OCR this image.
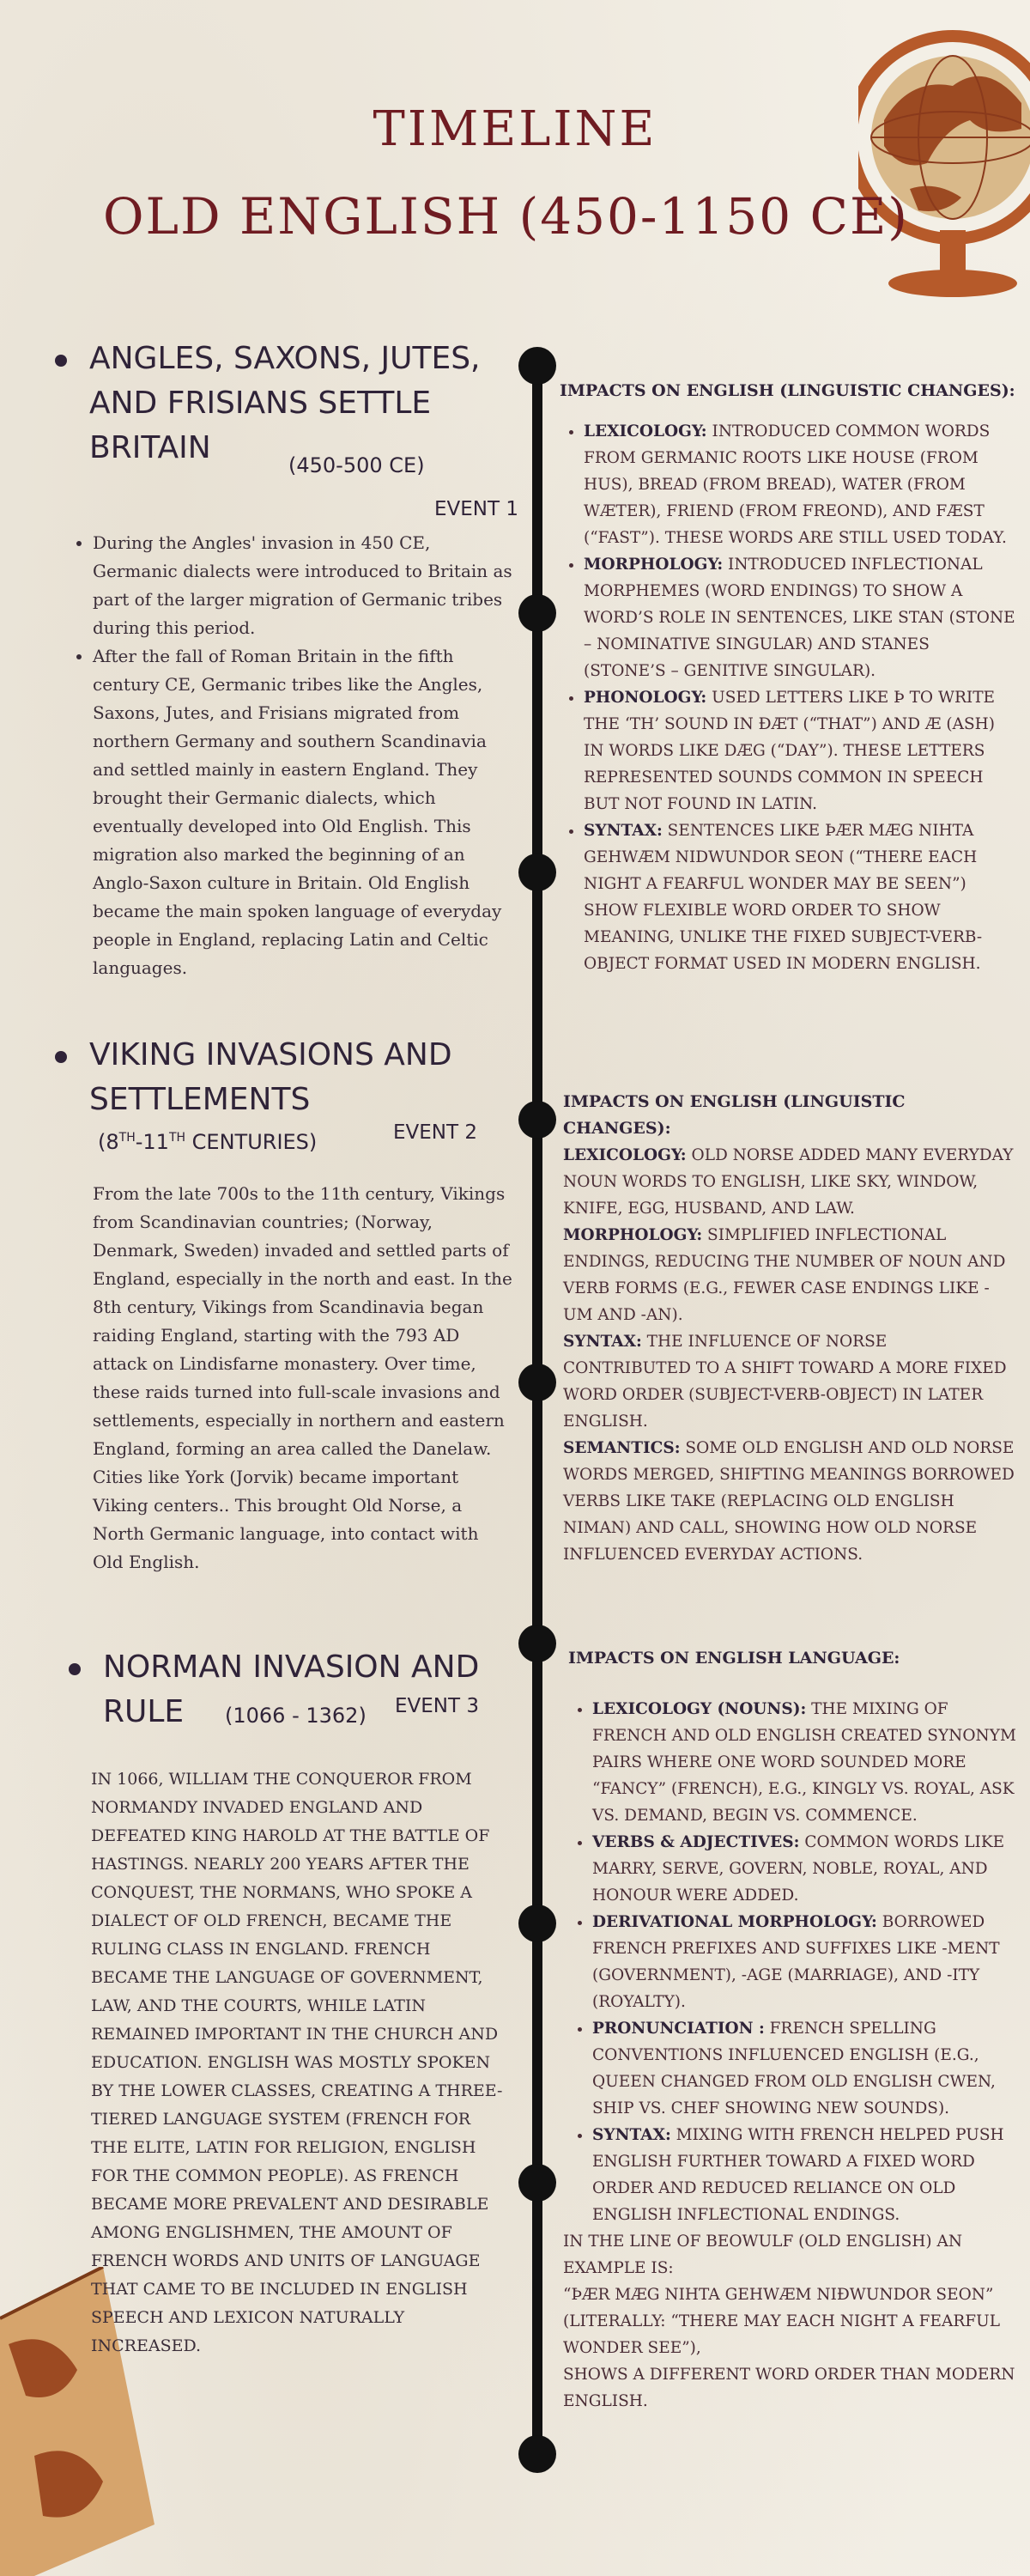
TIMELINE
OLD ENGLISH (450-1150 CE)
ANGLES, SAXONS, JUTES,
AND FRISIANS SETTLE
BRITAIN	(450-500 CE)
EVENT 1
• During the Angles' invasion in 450 CE, Germanic dialects were introduced to Britain as part of the larger migration of Germanic tribes during this period.
• After the fall of Roman Britain in the fifth century CE, Germanic tribes like the Angles, Saxons, Jutes, and Frisians migrated from northern Germany and southern Scandinavia and settled mainly in eastern England. They brought their Germanic dialects, which eventually developed into Old English. This migration also marked the beginning of an Anglo-Saxon culture in Britain. Old English became the main spoken language of everyday people in England, replacing Latin and Celtic languages.
IMPACTS ON ENGLISH (LINGUISTIC CHANGES):
• LEXICOLOGY: INTRODUCED COMMON WORDS FROM GERMANIC ROOTS LIKE HOUSE (FROM HUS), BREAD (FROM BREAD), WATER (FROM WÆTER), FRIEND (FROM FREOND), AND FÆST (“FAST”). THESE WORDS ARE STILL USED TODAY.
• MORPHOLOGY: INTRODUCED INFLECTIONAL MORPHEMES (WORD ENDINGS) TO SHOW A WORD’S ROLE IN SENTENCES, LIKE STAN (STONE – NOMINATIVE SINGULAR) AND STANES (STONE’S – GENITIVE SINGULAR).
• PHONOLOGY: USED LETTERS LIKE Þ TO WRITE THE ‘TH’ SOUND IN ÐÆT (“THAT”) AND Æ (ASH) IN WORDS LIKE DÆG (“DAY”). THESE LETTERS REPRESENTED SOUNDS COMMON IN SPEECH BUT NOT FOUND IN LATIN.
• SYNTAX: SENTENCES LIKE ÞÆR MÆG NIHTA GEHWÆM NIDWUNDOR SEON (“THERE EACH NIGHT A FEARFUL WONDER MAY BE SEEN”) SHOW FLEXIBLE WORD ORDER TO SHOW MEANING, UNLIKE THE FIXED SUBJECT-VERB-OBJECT FORMAT USED IN MODERN ENGLISH.
VIKING INVASIONS AND
SETTLEMENTS
(8TH-11TH CENTURIES)	EVENT 2
From the late 700s to the 11th century, Vikings from Scandinavian countries; (Norway, Denmark, Sweden) invaded and settled parts of England, especially in the north and east. In the 8th century, Vikings from Scandinavia began raiding England, starting with the 793 AD attack on Lindisfarne monastery. Over time, these raids turned into full-scale invasions and settlements, especially in northern and eastern England, forming an area called the Danelaw. Cities like York (Jorvik) became important Viking centers.. This brought Old Norse, a North Germanic language, into contact with Old English.
IMPACTS ON ENGLISH (LINGUISTIC CHANGES):
LEXICOLOGY: OLD NORSE ADDED MANY EVERYDAY NOUN WORDS TO ENGLISH, LIKE SKY, WINDOW, KNIFE, EGG, HUSBAND, AND LAW.
MORPHOLOGY: SIMPLIFIED INFLECTIONAL ENDINGS, REDUCING THE NUMBER OF NOUN AND VERB FORMS (E.G., FEWER CASE ENDINGS LIKE -UM AND -AN).
SYNTAX: THE INFLUENCE OF NORSE CONTRIBUTED TO A SHIFT TOWARD A MORE FIXED WORD ORDER (SUBJECT-VERB-OBJECT) IN LATER ENGLISH.
SEMANTICS: SOME OLD ENGLISH AND OLD NORSE WORDS MERGED, SHIFTING MEANINGS BORROWED VERBS LIKE TAKE (REPLACING OLD ENGLISH NIMAN) AND CALL, SHOWING HOW OLD NORSE INFLUENCED EVERYDAY ACTIONS.
NORMAN INVASION AND
RULE	(1066 - 1362) EVENT 3
IN 1066, WILLIAM THE CONQUEROR FROM NORMANDY INVADED ENGLAND AND DEFEATED KING HAROLD AT THE BATTLE OF HASTINGS. NEARLY 200 YEARS AFTER THE CONQUEST, THE NORMANS, WHO SPOKE A DIALECT OF OLD FRENCH, BECAME THE RULING CLASS IN ENGLAND. FRENCH BECAME THE LANGUAGE OF GOVERNMENT, LAW, AND THE COURTS, WHILE LATIN REMAINED IMPORTANT IN THE CHURCH AND EDUCATION. ENGLISH WAS MOSTLY SPOKEN BY THE LOWER CLASSES, CREATING A THREE-TIERED LANGUAGE SYSTEM (FRENCH FOR THE ELITE, LATIN FOR RELIGION, ENGLISH FOR THE COMMON PEOPLE). AS FRENCH BECAME MORE PREVALENT AND DESIRABLE AMONG ENGLISHMEN, THE AMOUNT OF FRENCH WORDS AND UNITS OF LANGUAGE THAT CAME TO BE INCLUDED IN ENGLISH SPEECH AND LEXICON NATURALLY INCREASED.
IMPACTS ON ENGLISH LANGUAGE:
• LEXICOLOGY (NOUNS): THE MIXING OF FRENCH AND OLD ENGLISH CREATED SYNONYM PAIRS WHERE ONE WORD SOUNDED MORE “FANCY” (FRENCH), E.G., KINGLY VS. ROYAL, ASK VS. DEMAND, BEGIN VS. COMMENCE.
• VERBS & ADJECTIVES: COMMON WORDS LIKE MARRY, SERVE, GOVERN, NOBLE, ROYAL, AND HONOUR WERE ADDED.
• DERIVATIONAL MORPHOLOGY: BORROWED FRENCH PREFIXES AND SUFFIXES LIKE -MENT (GOVERNMENT), -AGE (MARRIAGE), AND -ITY (ROYALTY).
• PRONUNCIATION : FRENCH SPELLING CONVENTIONS INFLUENCED ENGLISH (E.G., QUEEN CHANGED FROM OLD ENGLISH CWEN, SHIP VS. CHEF SHOWING NEW SOUNDS).
• SYNTAX: MIXING WITH FRENCH HELPED PUSH ENGLISH FURTHER TOWARD A FIXED WORD ORDER AND REDUCED RELIANCE ON OLD ENGLISH INFLECTIONAL ENDINGS.
IN THE LINE OF BEOWULF (OLD ENGLISH) AN EXAMPLE IS:
“ÞÆR MÆG NIHTA GEHWÆM NIÐWUNDOR SEON” (LITERALLY: “THERE MAY EACH NIGHT A FEARFUL WONDER SEE”),
SHOWS A DIFFERENT WORD ORDER THAN MODERN ENGLISH.
